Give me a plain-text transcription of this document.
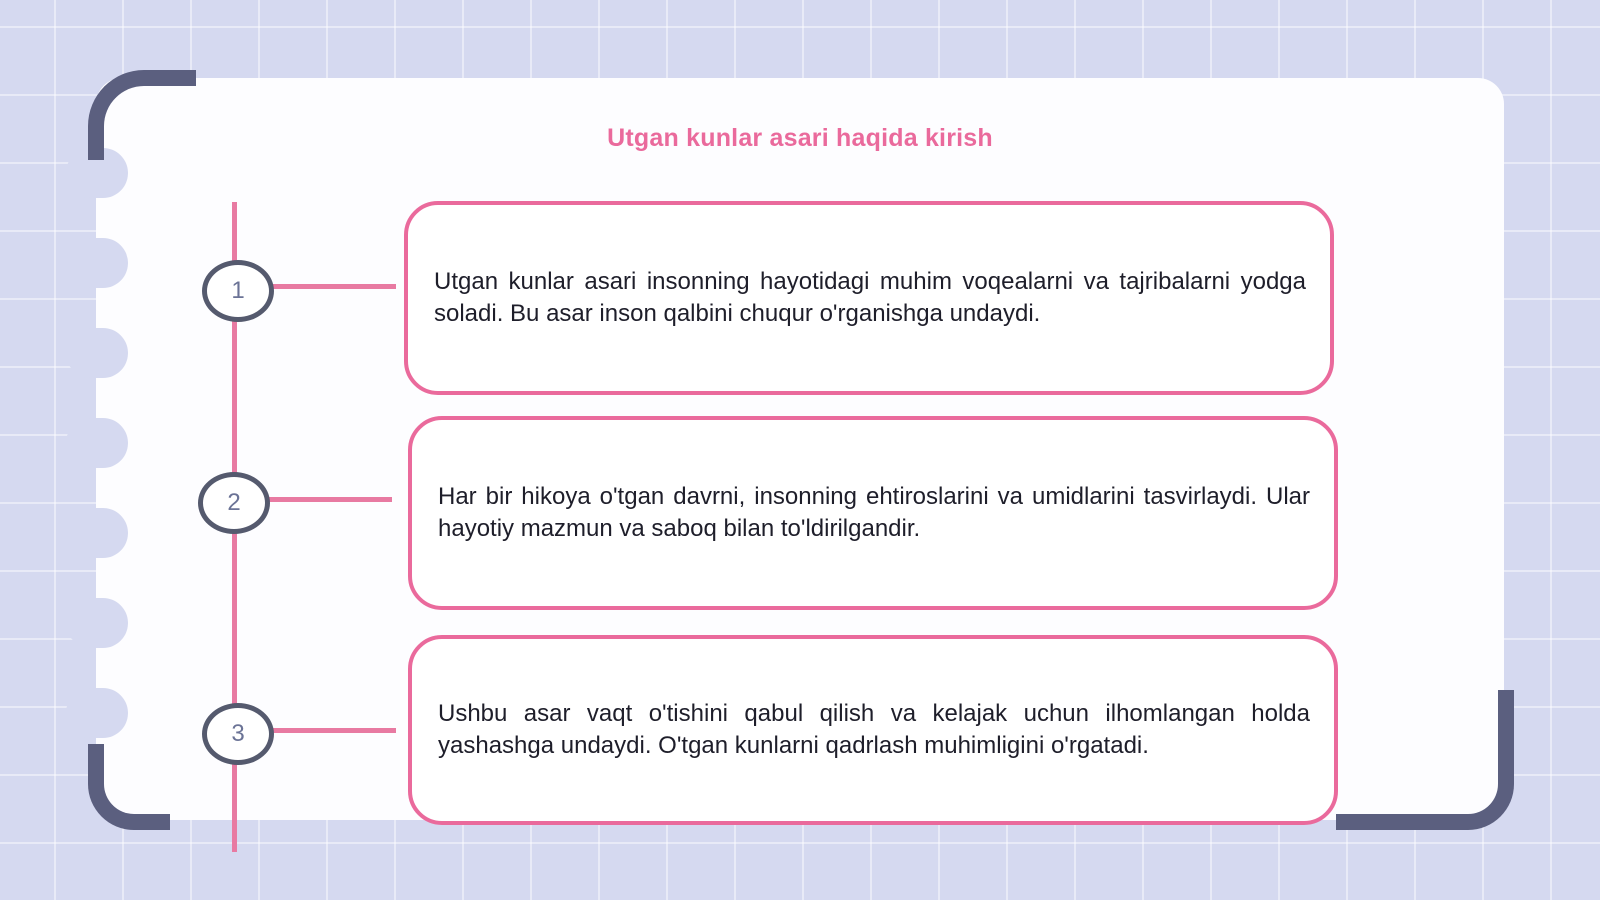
Utgan kunlar asari haqida kirish
1
2
3
Utgan kunlar asari insonning hayotidagi muhim voqealarni va tajribalarni yodga soladi. Bu asar inson qalbini chuqur o'rganishga undaydi.
Har bir hikoya o'tgan davrni, insonning ehtiroslarini va umidlarini tasvirlaydi. Ular hayotiy mazmun va saboq bilan to'ldirilgandir.
Ushbu asar vaqt o'tishini qabul qilish va kelajak uchun ilhomlangan holda yashashga undaydi. O'tgan kunlarni qadrlash muhimligini o'rgatadi.
